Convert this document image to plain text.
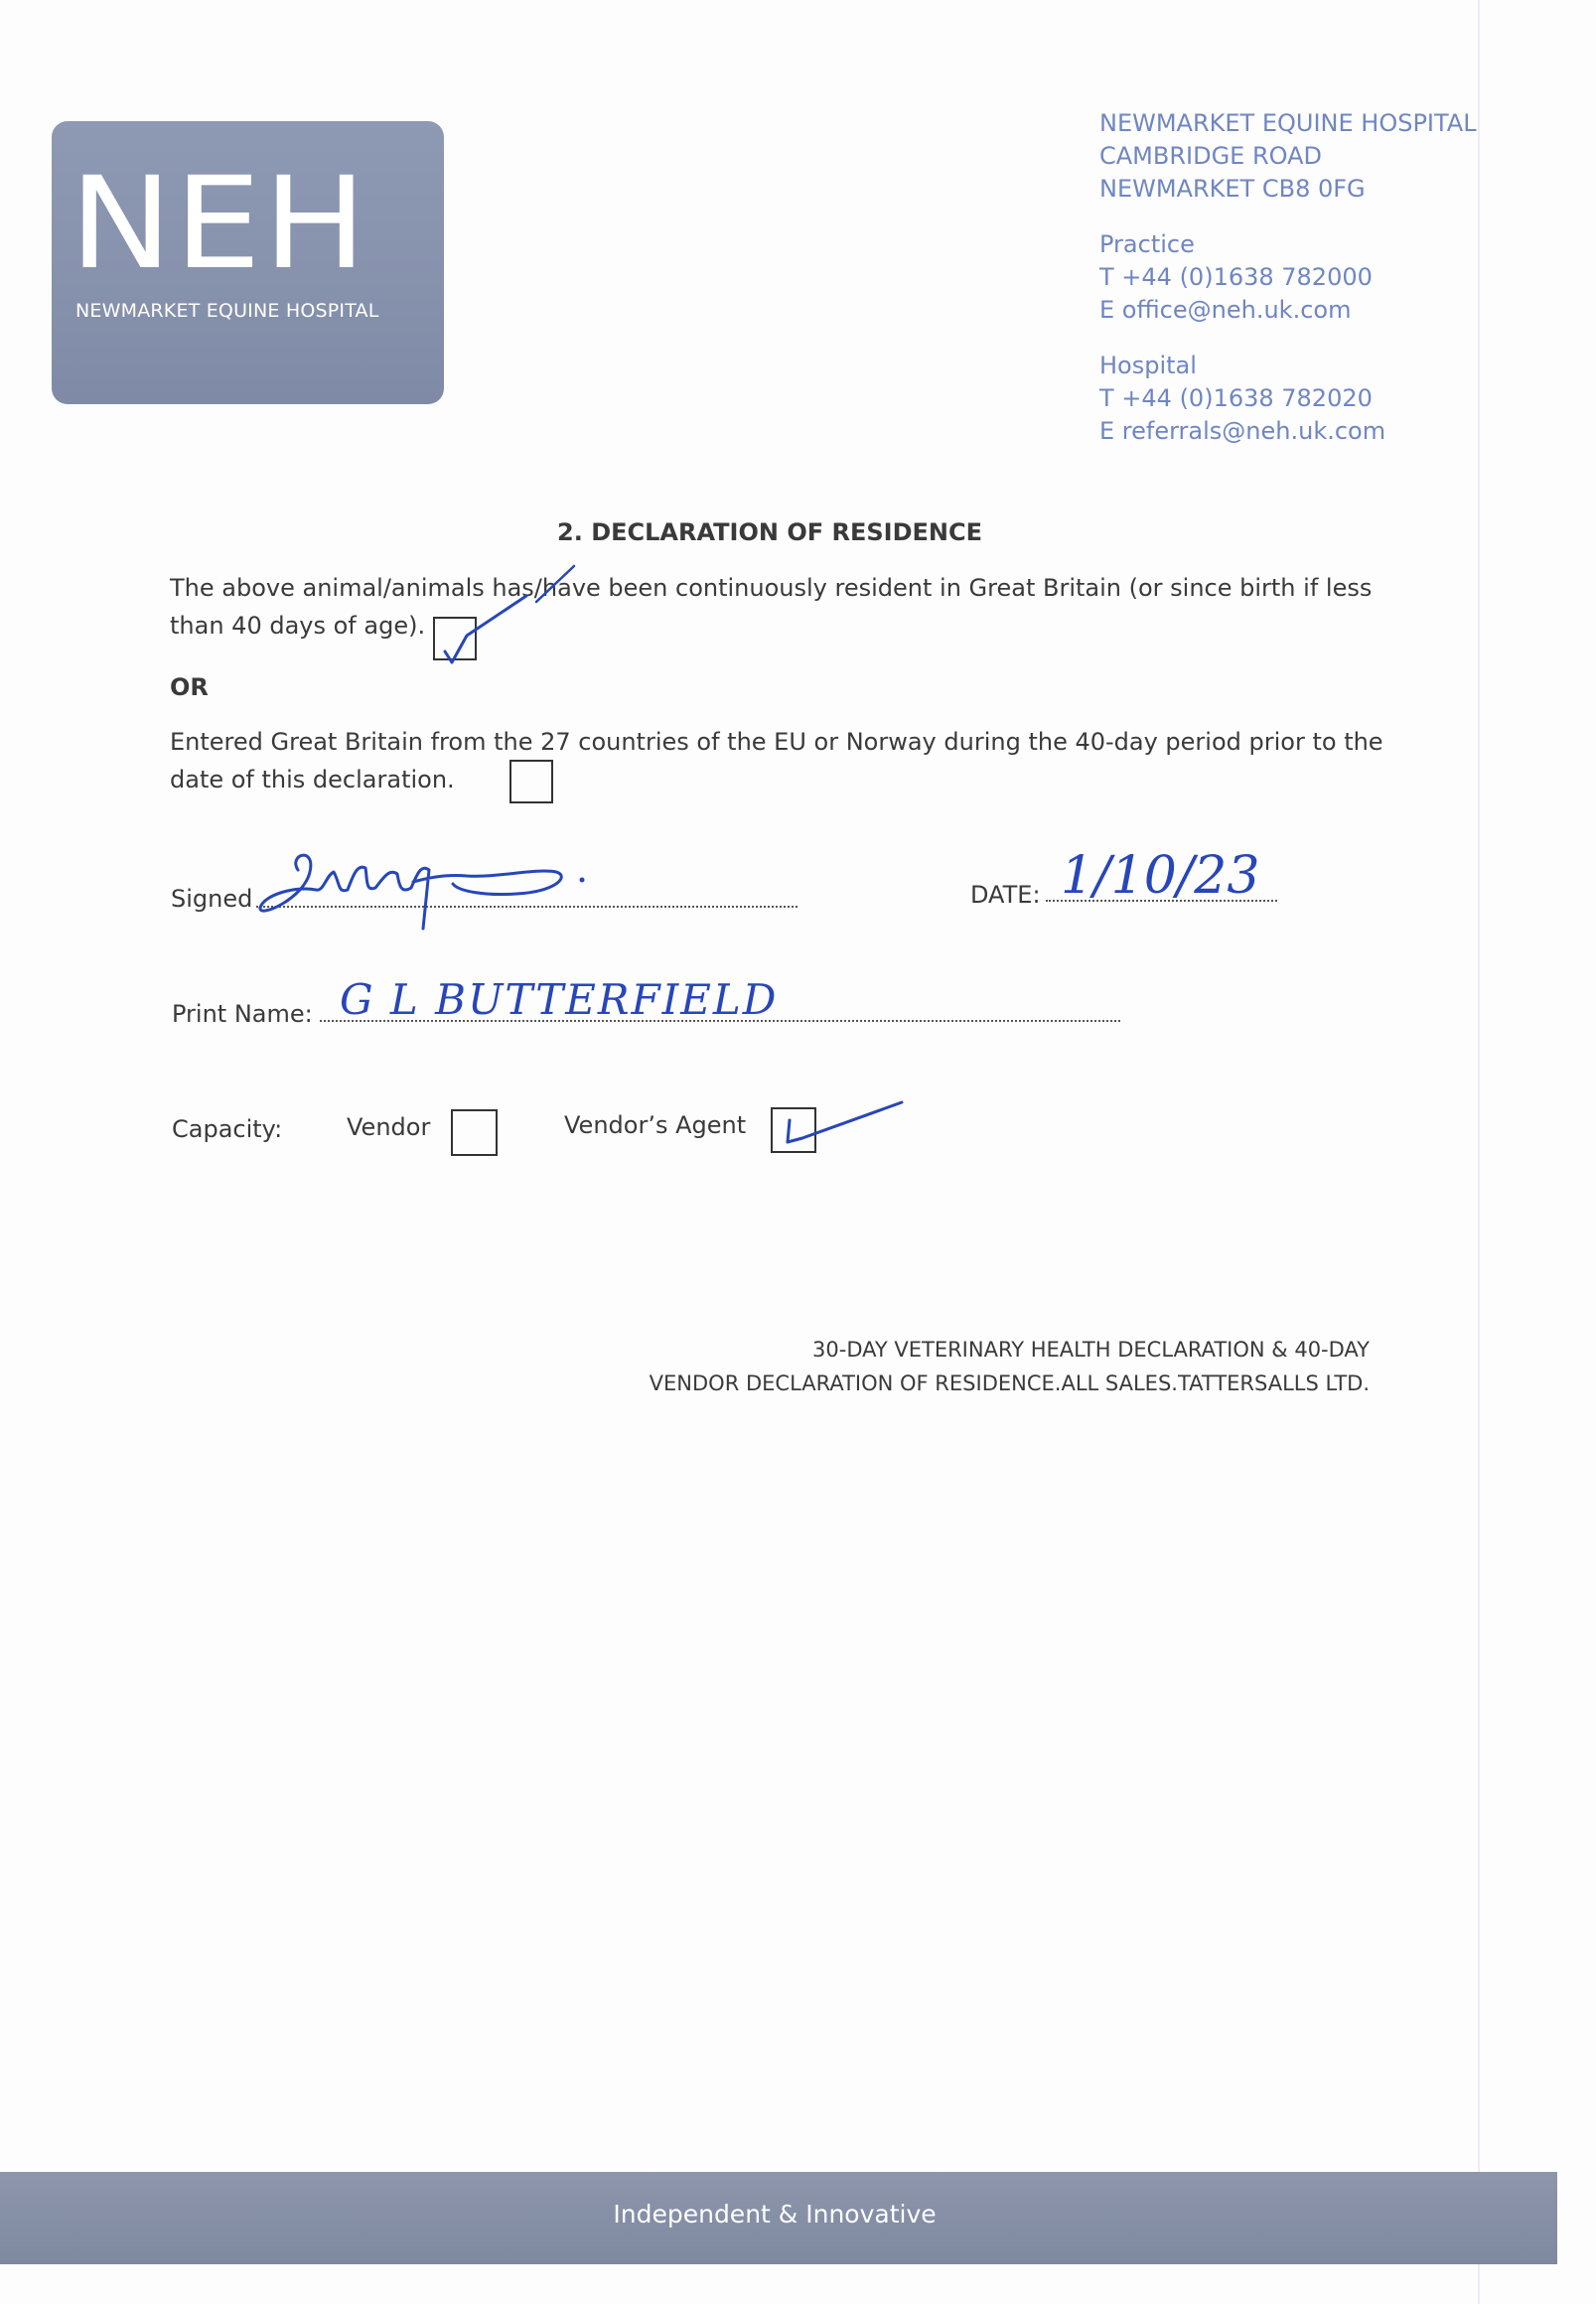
NEH
NEWMARKET EQUINE HOSPITAL
NEWMARKET EQUINE HOSPITAL
CAMBRIDGE ROAD
NEWMARKET CB8 0FG
Practice
T +44 (0)1638 782000
E office@neh.uk.com
Hospital
T +44 (0)1638 782020
E referrals@neh.uk.com
2. DECLARATION OF RESIDENCE
The above animal/animals has/have been continuously resident in Great Britain (or since birth if less than 40 days of age).
OR
Entered Great Britain from the 27 countries of the EU or Norway during the 40-day period prior to the date of this declaration.
Signed	DATE: 1/10/23
Print Name: G L BUTTERFIELD
Capacity:	Vendor	Vendor’s Agent
30-DAY VETERINARY HEALTH DECLARATION & 40-DAY
VENDOR DECLARATION OF RESIDENCE.ALL SALES.TATTERSALLS LTD.
Independent & Innovative
